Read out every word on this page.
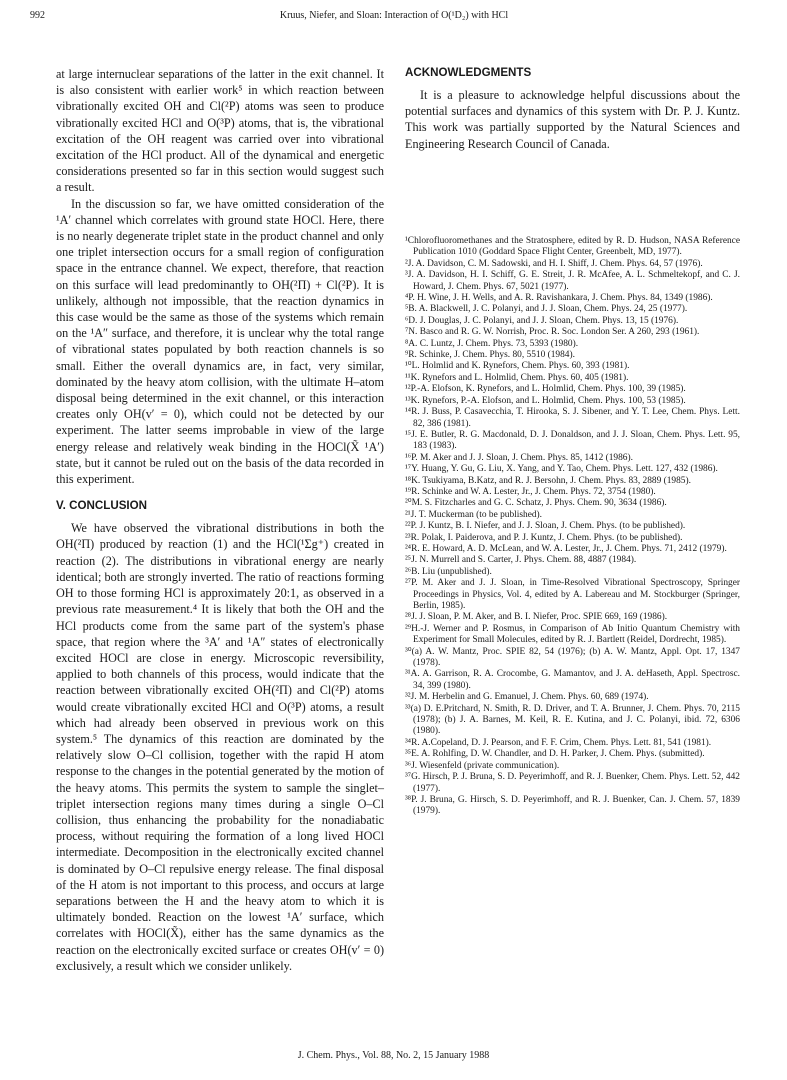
992	Kruus, Niefer, and Sloan: Interaction of O(¹D₂) with HCl

at large internuclear separations of the latter in the exit channel. It is also consistent with earlier work⁵ in which reaction between vibrationally excited OH and Cl(²P) atoms was seen to produce vibrationally excited HCl and O(³P) atoms, that is, the vibrational excitation of the OH reagent was carried over into vibrational excitation of the HCl product. All of the dynamical and energetic considerations presented so far in this section would suggest such a result.

In the discussion so far, we have omitted consideration of the ¹A′ channel which correlates with ground state HOCl. Here, there is no nearly degenerate triplet state in the product channel and only one triplet intersection occurs for a small region of configuration space in the entrance channel. We expect, therefore, that reaction on this surface will lead predominantly to OH(²Π) + Cl(²P). It is unlikely, although not impossible, that the reaction dynamics in this case would be the same as those of the systems which remain on the ¹A″ surface, and therefore, it is unclear why the total range of vibrational states populated by both reaction channels is so small. Either the overall dynamics are, in fact, very similar, dominated by the heavy atom collision, with the ultimate H–atom disposal being determined in the exit channel, or this interaction creates only OH(v′ = 0), which could not be detected by our experiment. The latter seems improbable in view of the large energy release and relatively weak binding in the HOCl(X̃ ¹A′) state, but it cannot be ruled out on the basis of the data recorded in this experiment.

V. CONCLUSION

We have observed the vibrational distributions in both the OH(²Π) produced by reaction (1) and the HCl(¹Σg⁺) created in reaction (2). The distributions in vibrational energy are nearly identical; both are strongly inverted. The ratio of reactions forming OH to those forming HCl is approximately 20:1, as observed in a previous rate measurement.⁴ It is likely that both the OH and the HCl products come from the same part of the system's phase space, that region where the ³A′ and ¹A″ states of electronically excited HOCl are close in energy. Microscopic reversibility, applied to both channels of this process, would indicate that the reaction between vibrationally excited OH(²Π) and Cl(²P) atoms would create vibrationally excited HCl and O(³P) atoms, a result which had already been observed in previous work on this system.⁵ The dynamics of this reaction are dominated by the relatively slow O–Cl collision, together with the rapid H atom response to the changes in the potential generated by the motion of the heavy atoms. This permits the system to sample the singlet–triplet intersection regions many times during a single O–Cl collision, thus enhancing the probability for the nonadiabatic process, without requiring the formation of a long lived HOCl intermediate. Decomposition in the electronically excited channel is dominated by O–Cl repulsive energy release. The final disposal of the H atom is not important to this process, and occurs at large separations between the H and the heavy atom to which it is ultimately bonded. Reaction on the lowest ¹A′ surface, which correlates with HOCl(X̃), either has the same dynamics as the reaction on the electronically excited surface or creates OH(v′ = 0) exclusively, a result which we consider unlikely.

ACKNOWLEDGMENTS

It is a pleasure to acknowledge helpful discussions about the potential surfaces and dynamics of this system with Dr. P. J. Kuntz. This work was partially supported by the Natural Sciences and Engineering Research Council of Canada.

¹Chlorofluoromethanes and the Stratosphere, edited by R. D. Hudson, NASA Reference Publication 1010 (Goddard Space Flight Center, Greenbelt, MD, 1977).

²J. A. Davidson, C. M. Sadowski, and H. I. Shiff, J. Chem. Phys. 64, 57 (1976).

³J. A. Davidson, H. I. Schiff, G. E. Streit, J. R. McAfee, A. L. Schmeltekopf, and C. J. Howard, J. Chem. Phys. 67, 5021 (1977).

⁴P. H. Wine, J. H. Wells, and A. R. Ravishankara, J. Chem. Phys. 84, 1349 (1986).

⁵B. A. Blackwell, J. C. Polanyi, and J. J. Sloan, Chem. Phys. 24, 25 (1977).

⁶D. J. Douglas, J. C. Polanyi, and J. J. Sloan, Chem. Phys. 13, 15 (1976).

⁷N. Basco and R. G. W. Norrish, Proc. R. Soc. London Ser. A 260, 293 (1961).

⁸A. C. Luntz, J. Chem. Phys. 73, 5393 (1980).

⁹R. Schinke, J. Chem. Phys. 80, 5510 (1984).

¹⁰L. Holmlid and K. Rynefors, Chem. Phys. 60, 393 (1981).

¹¹K. Rynefors and L. Holmlid, Chem. Phys. 60, 405 (1981).

¹²P.-A. Elofson, K. Rynefors, and L. Holmlid, Chem. Phys. 100, 39 (1985).

¹³K. Rynefors, P.-A. Elofson, and L. Holmlid, Chem. Phys. 100, 53 (1985).

¹⁴R. J. Buss, P. Casavecchia, T. Hirooka, S. J. Sibener, and Y. T. Lee, Chem. Phys. Lett. 82, 386 (1981).

¹⁵J. E. Butler, R. G. Macdonald, D. J. Donaldson, and J. J. Sloan, Chem. Phys. Lett. 95, 183 (1983).

¹⁶P. M. Aker and J. J. Sloan, J. Chem. Phys. 85, 1412 (1986).

¹⁷Y. Huang, Y. Gu, G. Liu, X. Yang, and Y. Tao, Chem. Phys. Lett. 127, 432 (1986).

¹⁸K. Tsukiyama, B.Katz, and R. J. Bersohn, J. Chem. Phys. 83, 2889 (1985).

¹⁹R. Schinke and W. A. Lester, Jr., J. Chem. Phys. 72, 3754 (1980).

²⁰M. S. Fitzcharles and G. C. Schatz, J. Phys. Chem. 90, 3634 (1986).

²¹J. T. Muckerman (to be published).

²²P. J. Kuntz, B. I. Niefer, and J. J. Sloan, J. Chem. Phys. (to be published).

²³R. Polak, I. Paiderova, and P. J. Kuntz, J. Chem. Phys. (to be published).

²⁴R. E. Howard, A. D. McLean, and W. A. Lester, Jr., J. Chem. Phys. 71, 2412 (1979).

²⁵J. N. Murrell and S. Carter, J. Phys. Chem. 88, 4887 (1984).

²⁶B. Liu (unpublished).

²⁷P. M. Aker and J. J. Sloan, in Time-Resolved Vibrational Spectroscopy, Springer Proceedings in Physics, Vol. 4, edited by A. Labereau and M. Stockburger (Springer, Berlin, 1985).

²⁸J. J. Sloan, P. M. Aker, and B. I. Niefer, Proc. SPIE 669, 169 (1986).

²⁹H.-J. Werner and P. Rosmus, in Comparison of Ab Initio Quantum Chemistry with Experiment for Small Molecules, edited by R. J. Bartlett (Reidel, Dordrecht, 1985).

³⁰(a) A. W. Mantz, Proc. SPIE 82, 54 (1976); (b) A. W. Mantz, Appl. Opt. 17, 1347 (1978).

³¹A. A. Garrison, R. A. Crocombe, G. Mamantov, and J. A. deHaseth, Appl. Spectrosc. 34, 399 (1980).

³²J. M. Herbelin and G. Emanuel, J. Chem. Phys. 60, 689 (1974).

³³(a) D. E.Pritchard, N. Smith, R. D. Driver, and T. A. Brunner, J. Chem. Phys. 70, 2115 (1978); (b) J. A. Barnes, M. Keil, R. E. Kutina, and J. C. Polanyi, ibid. 72, 6306 (1980).

³⁴R. A.Copeland, D. J. Pearson, and F. F. Crim, Chem. Phys. Lett. 81, 541 (1981).

³⁵E. A. Rohlfing, D. W. Chandler, and D. H. Parker, J. Chem. Phys. (submitted).

³⁶J. Wiesenfeld (private communication).

³⁷G. Hirsch, P. J. Bruna, S. D. Peyerimhoff, and R. J. Buenker, Chem. Phys. Lett. 52, 442 (1977).

³⁸P. J. Bruna, G. Hirsch, S. D. Peyerimhoff, and R. J. Buenker, Can. J. Chem. 57, 1839 (1979).

J. Chem. Phys., Vol. 88, No. 2, 15 January 1988
